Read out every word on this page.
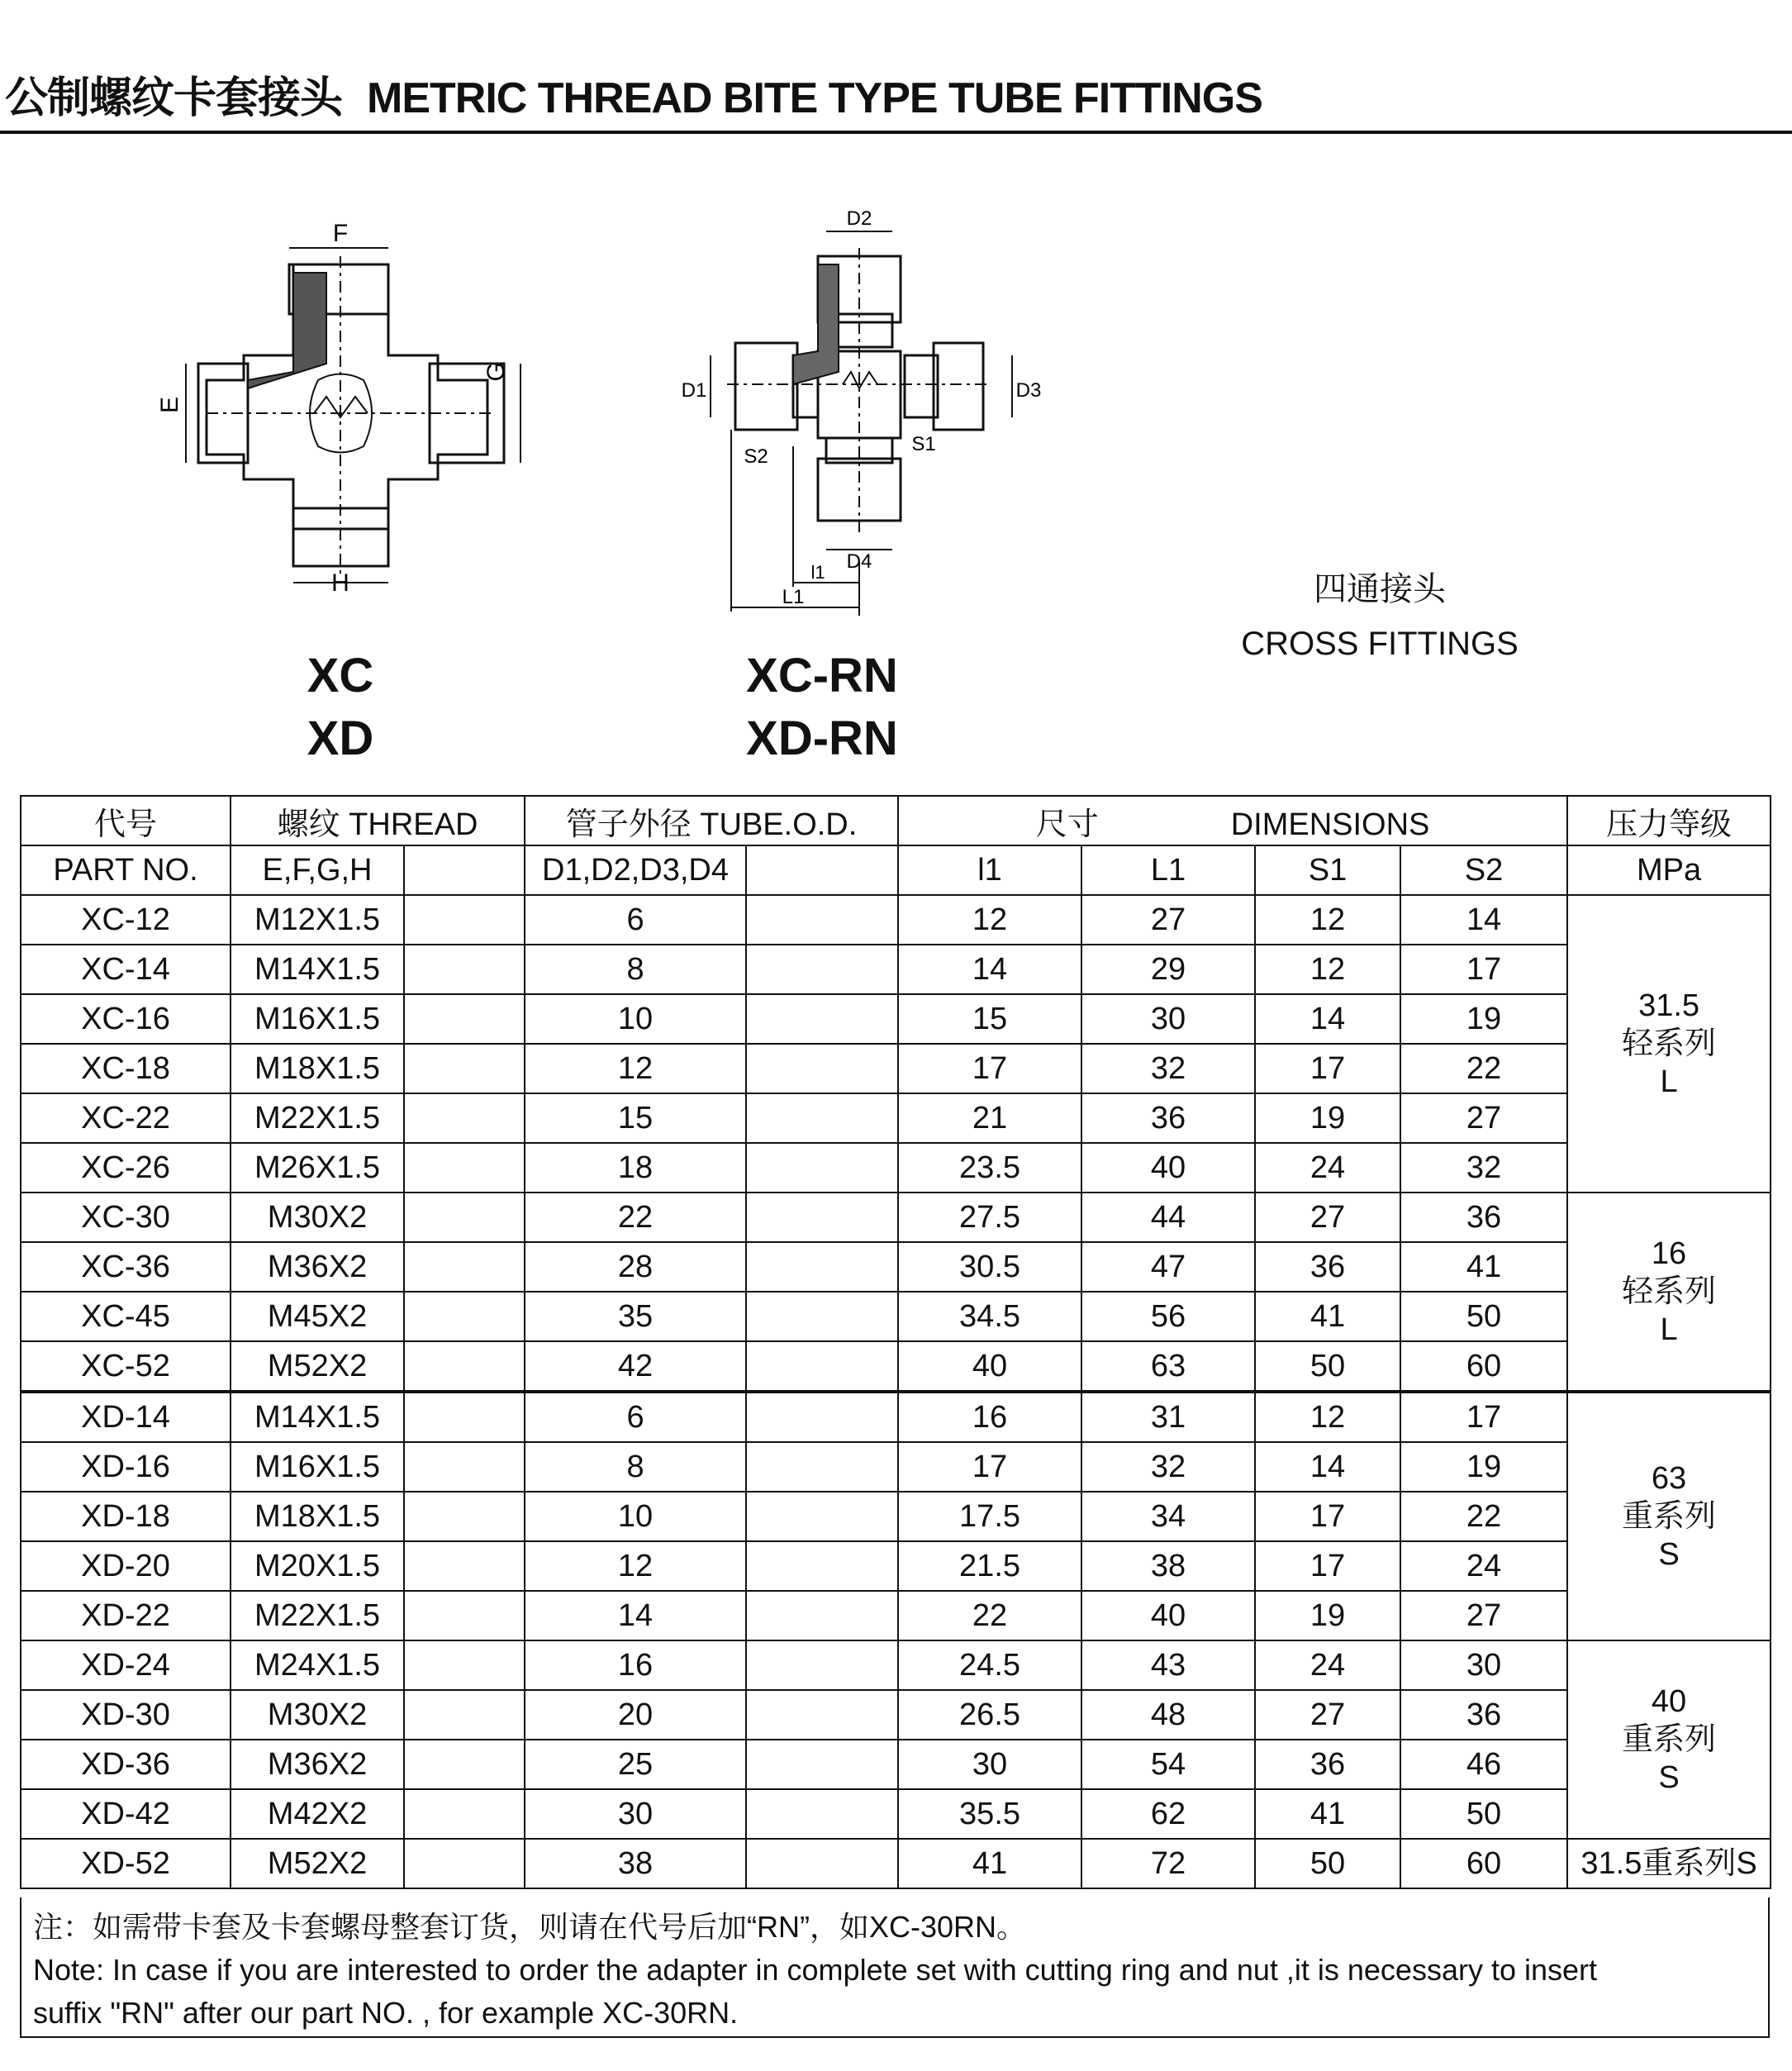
公制螺纹卡套接头 METRIC THREAD BITE TYPE TUBE FITTINGS
F
E
G
H
D2
D1	D3
S2
S1
D4
l1
L1
XC
XD
XC-RN
XD-RN
四通接头
CROSS FITTINGS
代号	螺纹 THREAD		管子外径 TUBE.O.D.		尺寸 DIMENSIONS				压力等级
PART NO.	E,F,G,H		D1,D2,D3,D4		l1	L1	S1	S2	MPa
XC-12	M12X1.5		6		12	27	12	14	31.5
轻系列
L

XC-14	M14X1.5		8		14	29	12	17	
XC-16	M16X1.5		10		15	30	14	19	
XC-18	M18X1.5		12		17	32	17	22	
XC-22	M22X1.5		15		21	36	19	27	
XC-26	M26X1.5		18		23.5	40	24	32	
XC-30	M30X2		22		27.5	44	27	36	16
轻系列
L

XC-36	M36X2		28		30.5	47	36	41	
XC-45	M45X2		35		34.5	56	41	50	
XC-52	M52X2		42		40	63	50	60	
XD-14	M14X1.5		6		16	31	12	17	63
重系列
S

XD-16	M16X1.5		8		17	32	14	19	
XD-18	M18X1.5		10		17.5	34	17	22	
XD-20	M20X1.5		12		21.5	38	17	24	
XD-22	M22X1.5		14		22	40	19	27	
XD-24	M24X1.5		16		24.5	43	24	30	40
重系列
S

XD-30	M30X2		20		26.5	48	27	36	
XD-36	M36X2		25		30	54	36	46	
XD-42	M42X2		30		35.5	62	41	50	
XD-52	M52X2		38		41	72	50	60	31.5重系列S
注：如需带卡套及卡套螺母整套订货，则请在代号后加“RN”，如XC-30RN。
Note: In case if you are interested to order the adapter in complete set with cutting ring and nut ,it is necessary to insert
suffix "RN" after our part NO. , for example XC-30RN.
